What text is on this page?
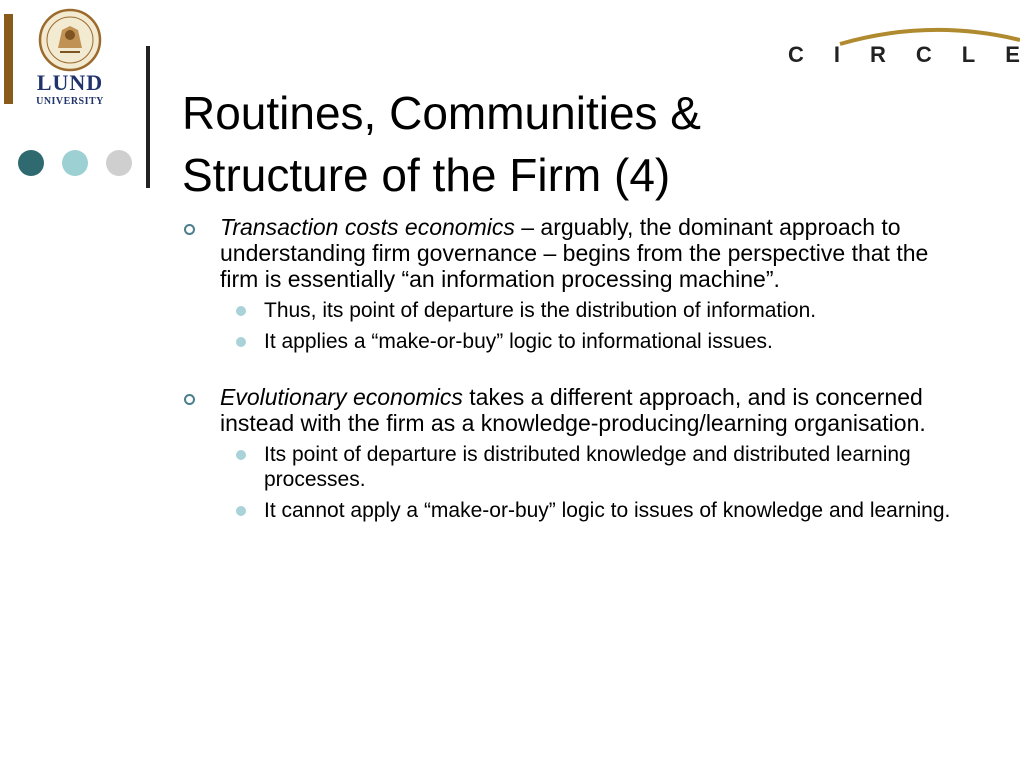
LUND
UNIVERSITY
C I R C L E
Routines, Communities &
Structure of the Firm (4)

Transaction costs economics – arguably, the dominant approach to understanding firm governance – begins from the perspective that the firm is essentially “an information processing machine”.

Thus, its point of departure is the distribution of information.

It applies a “make-or-buy” logic to informational issues.

Evolutionary economics takes a different approach, and is concerned instead with the firm as a knowledge-producing/learning organisation.

Its point of departure is distributed knowledge and distributed learning processes.

It cannot apply a “make-or-buy” logic to issues of knowledge and learning.
